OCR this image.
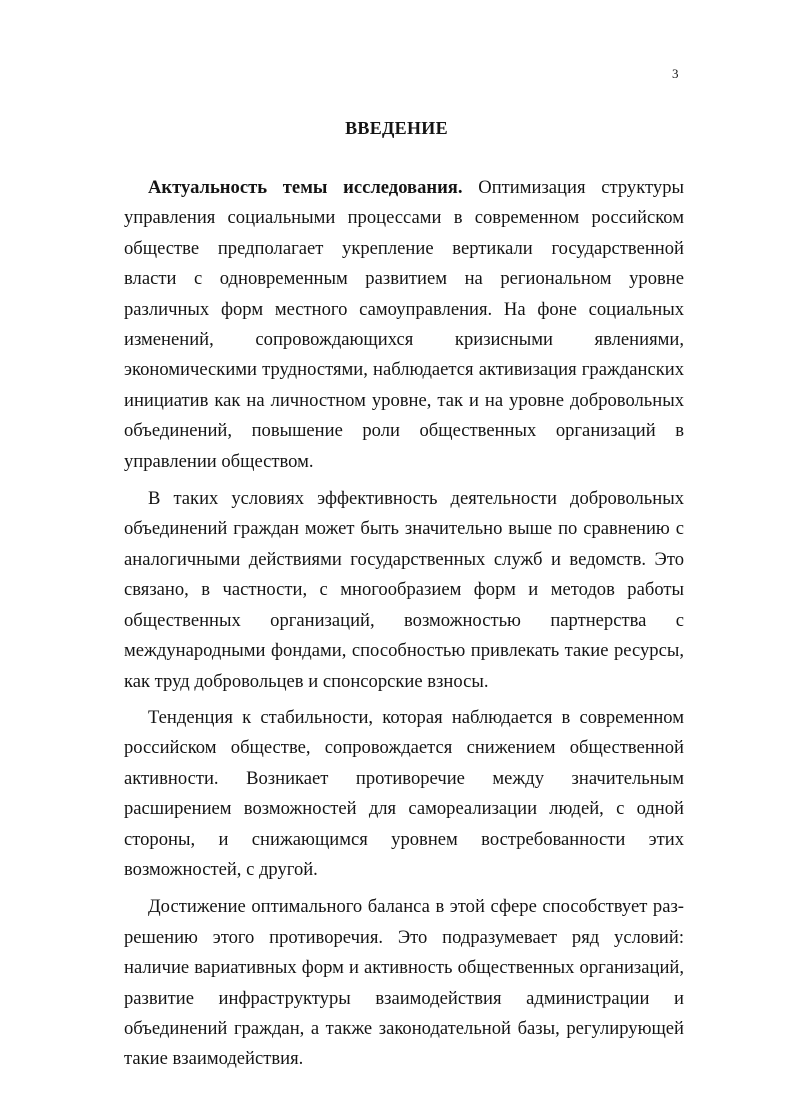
3
ВВЕДЕНИЕ

Актуальность темы исследования. Оптимизация структуры управления социальными процессами в современном российском обществе предполагает укрепление вертикали государственной власти с одновременным развитием на региональном уровне различных форм местного самоуправления. На фоне социальных изменений, сопровождающихся кризисными явлениями, экономическими трудностями, наблюдается активизация гражданских инициатив как на личностном уровне, так и на уровне добровольных объединений, повышение роли общественных организаций в управлении обществом.

В таких условиях эффективность деятельности добровольных объединений граждан может быть значительно выше по сравнению с аналогичными действиями государственных служб и ведомств. Это связано, в частности, с многообразием форм и методов работы общественных организаций, возможностью партнерства с международными фондами, способностью привлекать такие ресурсы, как труд добровольцев и спонсорские взносы.

Тенденция к стабильности, которая наблюдается в современном российском обществе, сопровождается снижением общественной активности. Возникает противоречие между значительным расширением возможностей для самореализации людей, с одной стороны, и снижающимся уровнем востребованности этих возможностей, с другой.

Достижение оптимального баланса в этой сфере способствует разрешению этого противоречия. Это подразумевает ряд условий: наличие вариативных форм и активность общественных организаций, развитие инфраструктуры взаимодействия администрации и объединений граждан, а также законодательной базы, регулирующей такие взаимодействия.
